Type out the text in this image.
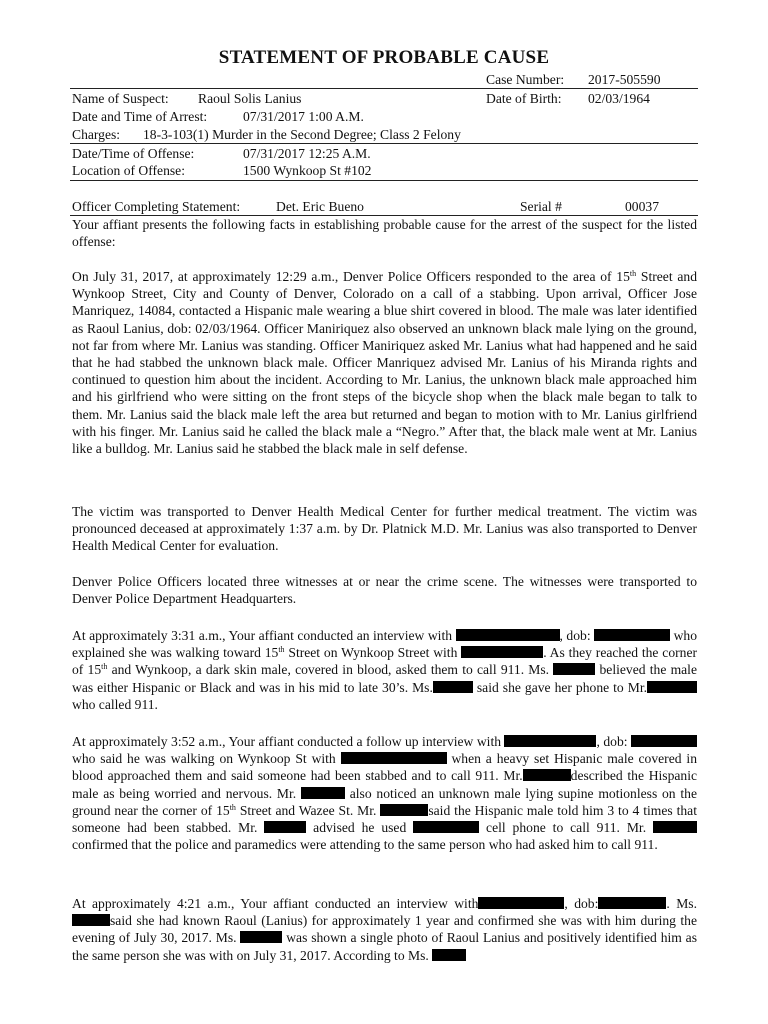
STATEMENT OF PROBABLE CAUSE
Case Number: 2017-505590
Name of Suspect: Raoul Solis Lanius	Date of Birth: 02/03/1964
Date and Time of Arrest:	07/31/2017 1:00 A.M.
Charges: 18-3-103(1) Murder in the Second Degree; Class 2 Felony
Date/Time of Offense:	07/31/2017 12:25 A.M.
Location of Offense:	1500 Wynkoop St #102
Officer Completing Statement:	Det. Eric Bueno	Serial #	00037

Your affiant presents the following facts in establishing probable cause for the arrest of the suspect for the listed offense:

On July 31, 2017, at approximately 12:29 a.m., Denver Police Officers responded to the area of 15th Street and Wynkoop Street, City and County of Denver, Colorado on a call of a stabbing. Upon arrival, Officer Jose Manriquez, 14084, contacted a Hispanic male wearing a blue shirt covered in blood. The male was later identified as Raoul Lanius, dob: 02/03/1964. Officer Maniriquez also observed an unknown black male lying on the ground, not far from where Mr. Lanius was standing. Officer Maniriquez asked Mr. Lanius what had happened and he said that he had stabbed the unknown black male. Officer Manriquez advised Mr. Lanius of his Miranda rights and continued to question him about the incident. According to Mr. Lanius, the unknown black male approached him and his girlfriend who were sitting on the front steps of the bicycle shop when the black male began to talk to them. Mr. Lanius said the black male left the area but returned and began to motion with to Mr. Lanius girlfriend with his finger. Mr. Lanius said he called the black male a “Negro.” After that, the black male went at Mr. Lanius like a bulldog. Mr. Lanius said he stabbed the black male in self defense.

The victim was transported to Denver Health Medical Center for further medical treatment. The victim was pronounced deceased at approximately 1:37 a.m. by Dr. Platnick M.D. Mr. Lanius was also transported to Denver Health Medical Center for evaluation.

Denver Police Officers located three witnesses at or near the crime scene. The witnesses were transported to Denver Police Department Headquarters.

At approximately 3:31 a.m., Your affiant conducted an interview with	, dob:	who explained she was walking toward 15th Street on Wynkoop Street with	. As they reached the corner of 15th and Wynkoop, a dark skin male, covered in blood, asked them to call 911. Ms.	believed the male was either Hispanic or Black and was in his mid to late 30’s. Ms.	said she gave her phone to Mr.who called 911.

At approximately 3:52 a.m., Your affiant conducted a follow up interview with	, dob:  who said he was walking on Wynkoop St with	when a heavy set Hispanic male covered in blood approached them and said someone had been stabbed and to call 911. Mr.	described the Hispanic male as being worried and nervous. Mr.	also noticed an unknown male lying supine motionless on the ground near the corner of 15th Street and Wazee St. Mr.	said the Hispanic male told him 3 to 4 times that someone had been stabbed. Mr.	advised he used	cell phone to call 911. Mr.  confirmed that the police and paramedics were attending to the same person who had asked him to call 911.

At approximately 4:21 a.m., Your affiant conducted an interview with	, dob:	. Ms.said she had known Raoul (Lanius) for approximately 1 year and confirmed she was with him during the evening of July 30, 2017. Ms.	was shown a single photo of Raoul Lanius and positively identified him as the same person she was with on July 31, 2017. According to Ms.
